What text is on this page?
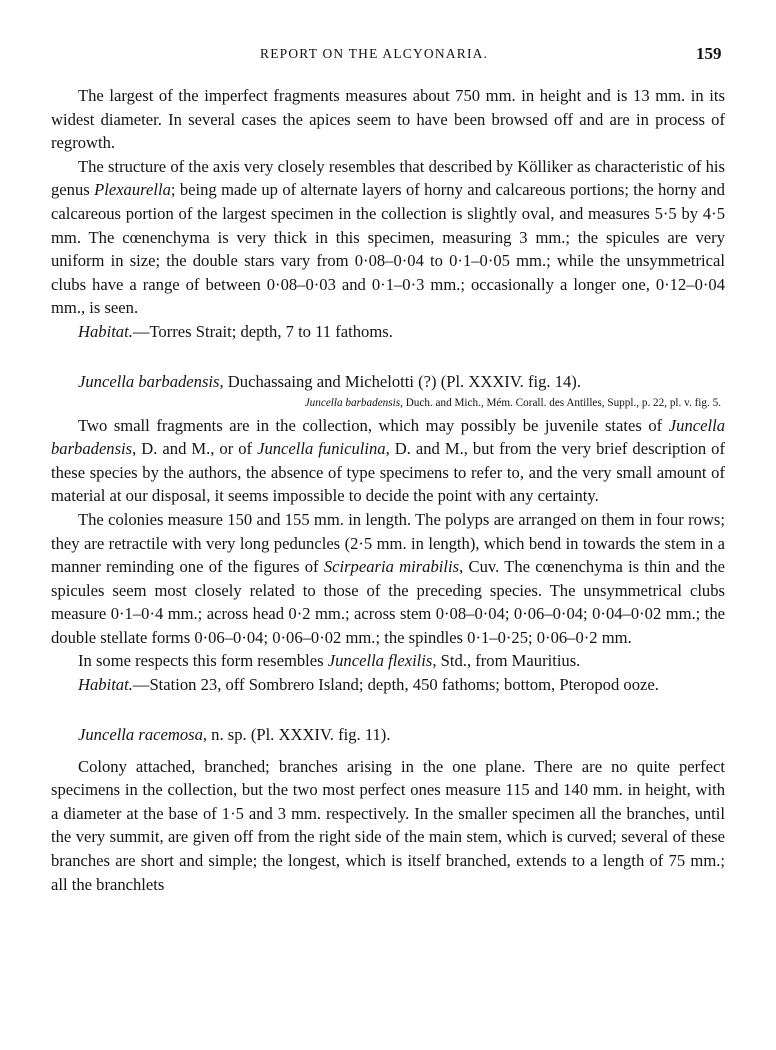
REPORT ON THE ALCYONARIA.	159

The largest of the imperfect fragments measures about 750 mm. in height and is 13 mm. in its widest diameter. In several cases the apices seem to have been browsed off and are in process of regrowth.

The structure of the axis very closely resembles that described by Kölliker as characteristic of his genus Plexaurella; being made up of alternate layers of horny and calcareous portions; the horny and calcareous portion of the largest specimen in the collection is slightly oval, and measures 5·5 by 4·5 mm. The cœnenchyma is very thick in this specimen, measuring 3 mm.; the spicules are very uniform in size; the double stars vary from 0·08–0·04 to 0·1–0·05 mm.; while the unsymmetrical clubs have a range of between 0·08–0·03 and 0·1–0·3 mm.; occasionally a longer one, 0·12–0·04 mm., is seen.

Habitat.—Torres Strait; depth, 7 to 11 fathoms.

Juncella barbadensis, Duchassaing and Michelotti (?) (Pl. XXXIV. fig. 14).

Juncella barbadensis, Duch. and Mich., Mém. Corall. des Antilles, Suppl., p. 22, pl. v. fig. 5.

Two small fragments are in the collection, which may possibly be juvenile states of Juncella barbadensis, D. and M., or of Juncella funiculina, D. and M., but from the very brief description of these species by the authors, the absence of type specimens to refer to, and the very small amount of material at our disposal, it seems impossible to decide the point with any certainty.

The colonies measure 150 and 155 mm. in length. The polyps are arranged on them in four rows; they are retractile with very long peduncles (2·5 mm. in length), which bend in towards the stem in a manner reminding one of the figures of Scirpearia mirabilis, Cuv. The cœnenchyma is thin and the spicules seem most closely related to those of the preceding species. The unsymmetrical clubs measure 0·1–0·4 mm.; across head 0·2 mm.; across stem 0·08–0·04; 0·06–0·04; 0·04–0·02 mm.; the double stellate forms 0·06–0·04; 0·06–0·02 mm.; the spindles 0·1–0·25; 0·06–0·2 mm.

In some respects this form resembles Juncella flexilis, Std., from Mauritius.

Habitat.—Station 23, off Sombrero Island; depth, 450 fathoms; bottom, Pteropod ooze.

Juncella racemosa, n. sp. (Pl. XXXIV. fig. 11).

Colony attached, branched; branches arising in the one plane. There are no quite perfect specimens in the collection, but the two most perfect ones measure 115 and 140 mm. in height, with a diameter at the base of 1·5 and 3 mm. respectively. In the smaller specimen all the branches, until the very summit, are given off from the right side of the main stem, which is curved; several of these branches are short and simple; the longest, which is itself branched, extends to a length of 75 mm.; all the branchlets
